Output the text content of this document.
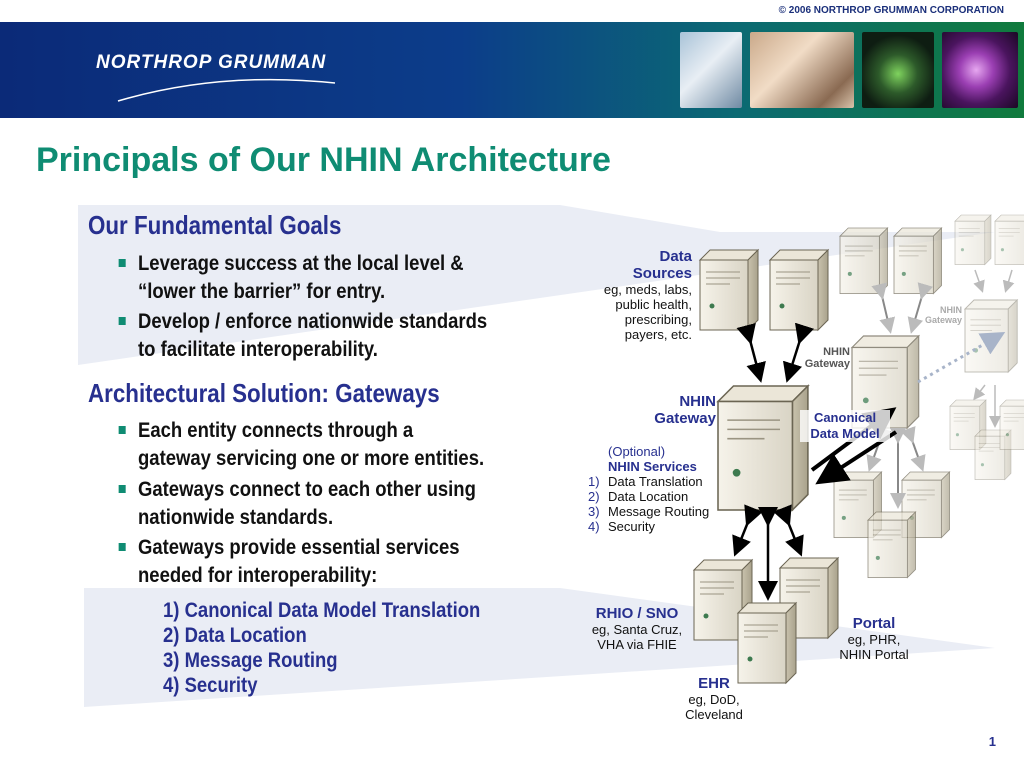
© 2006 NORTHROP GRUMMAN CORPORATION
NORTHROP GRUMMAN
Principals of Our NHIN Architecture
Our Fundamental Goals
Leverage success at the local level &
“lower the barrier” for entry.
Develop / enforce nationwide standards
to facilitate interoperability.
Architectural Solution: Gateways
Each entity connects through a
gateway servicing one or more entities.
Gateways connect to each other using
nationwide standards.
Gateways provide essential services
needed for interoperability:
1) Canonical Data Model Translation
2) Data Location
3) Message Routing
4) Security
Data
Sources
eg, meds, labs,
public health,
prescribing,
payers, etc.
NHIN
Gateway
(Optional)
NHIN Services
1) Data Translation
2) Data Location
3) Message Routing
4) Security
Canonical
Data Model
NHIN
Gateway
NHIN
Gateway
RHIO / SNO
eg, Santa Cruz,
VHA via FHIE
Portal
eg, PHR,
NHIN Portal
EHR
eg, DoD,
Cleveland
1
